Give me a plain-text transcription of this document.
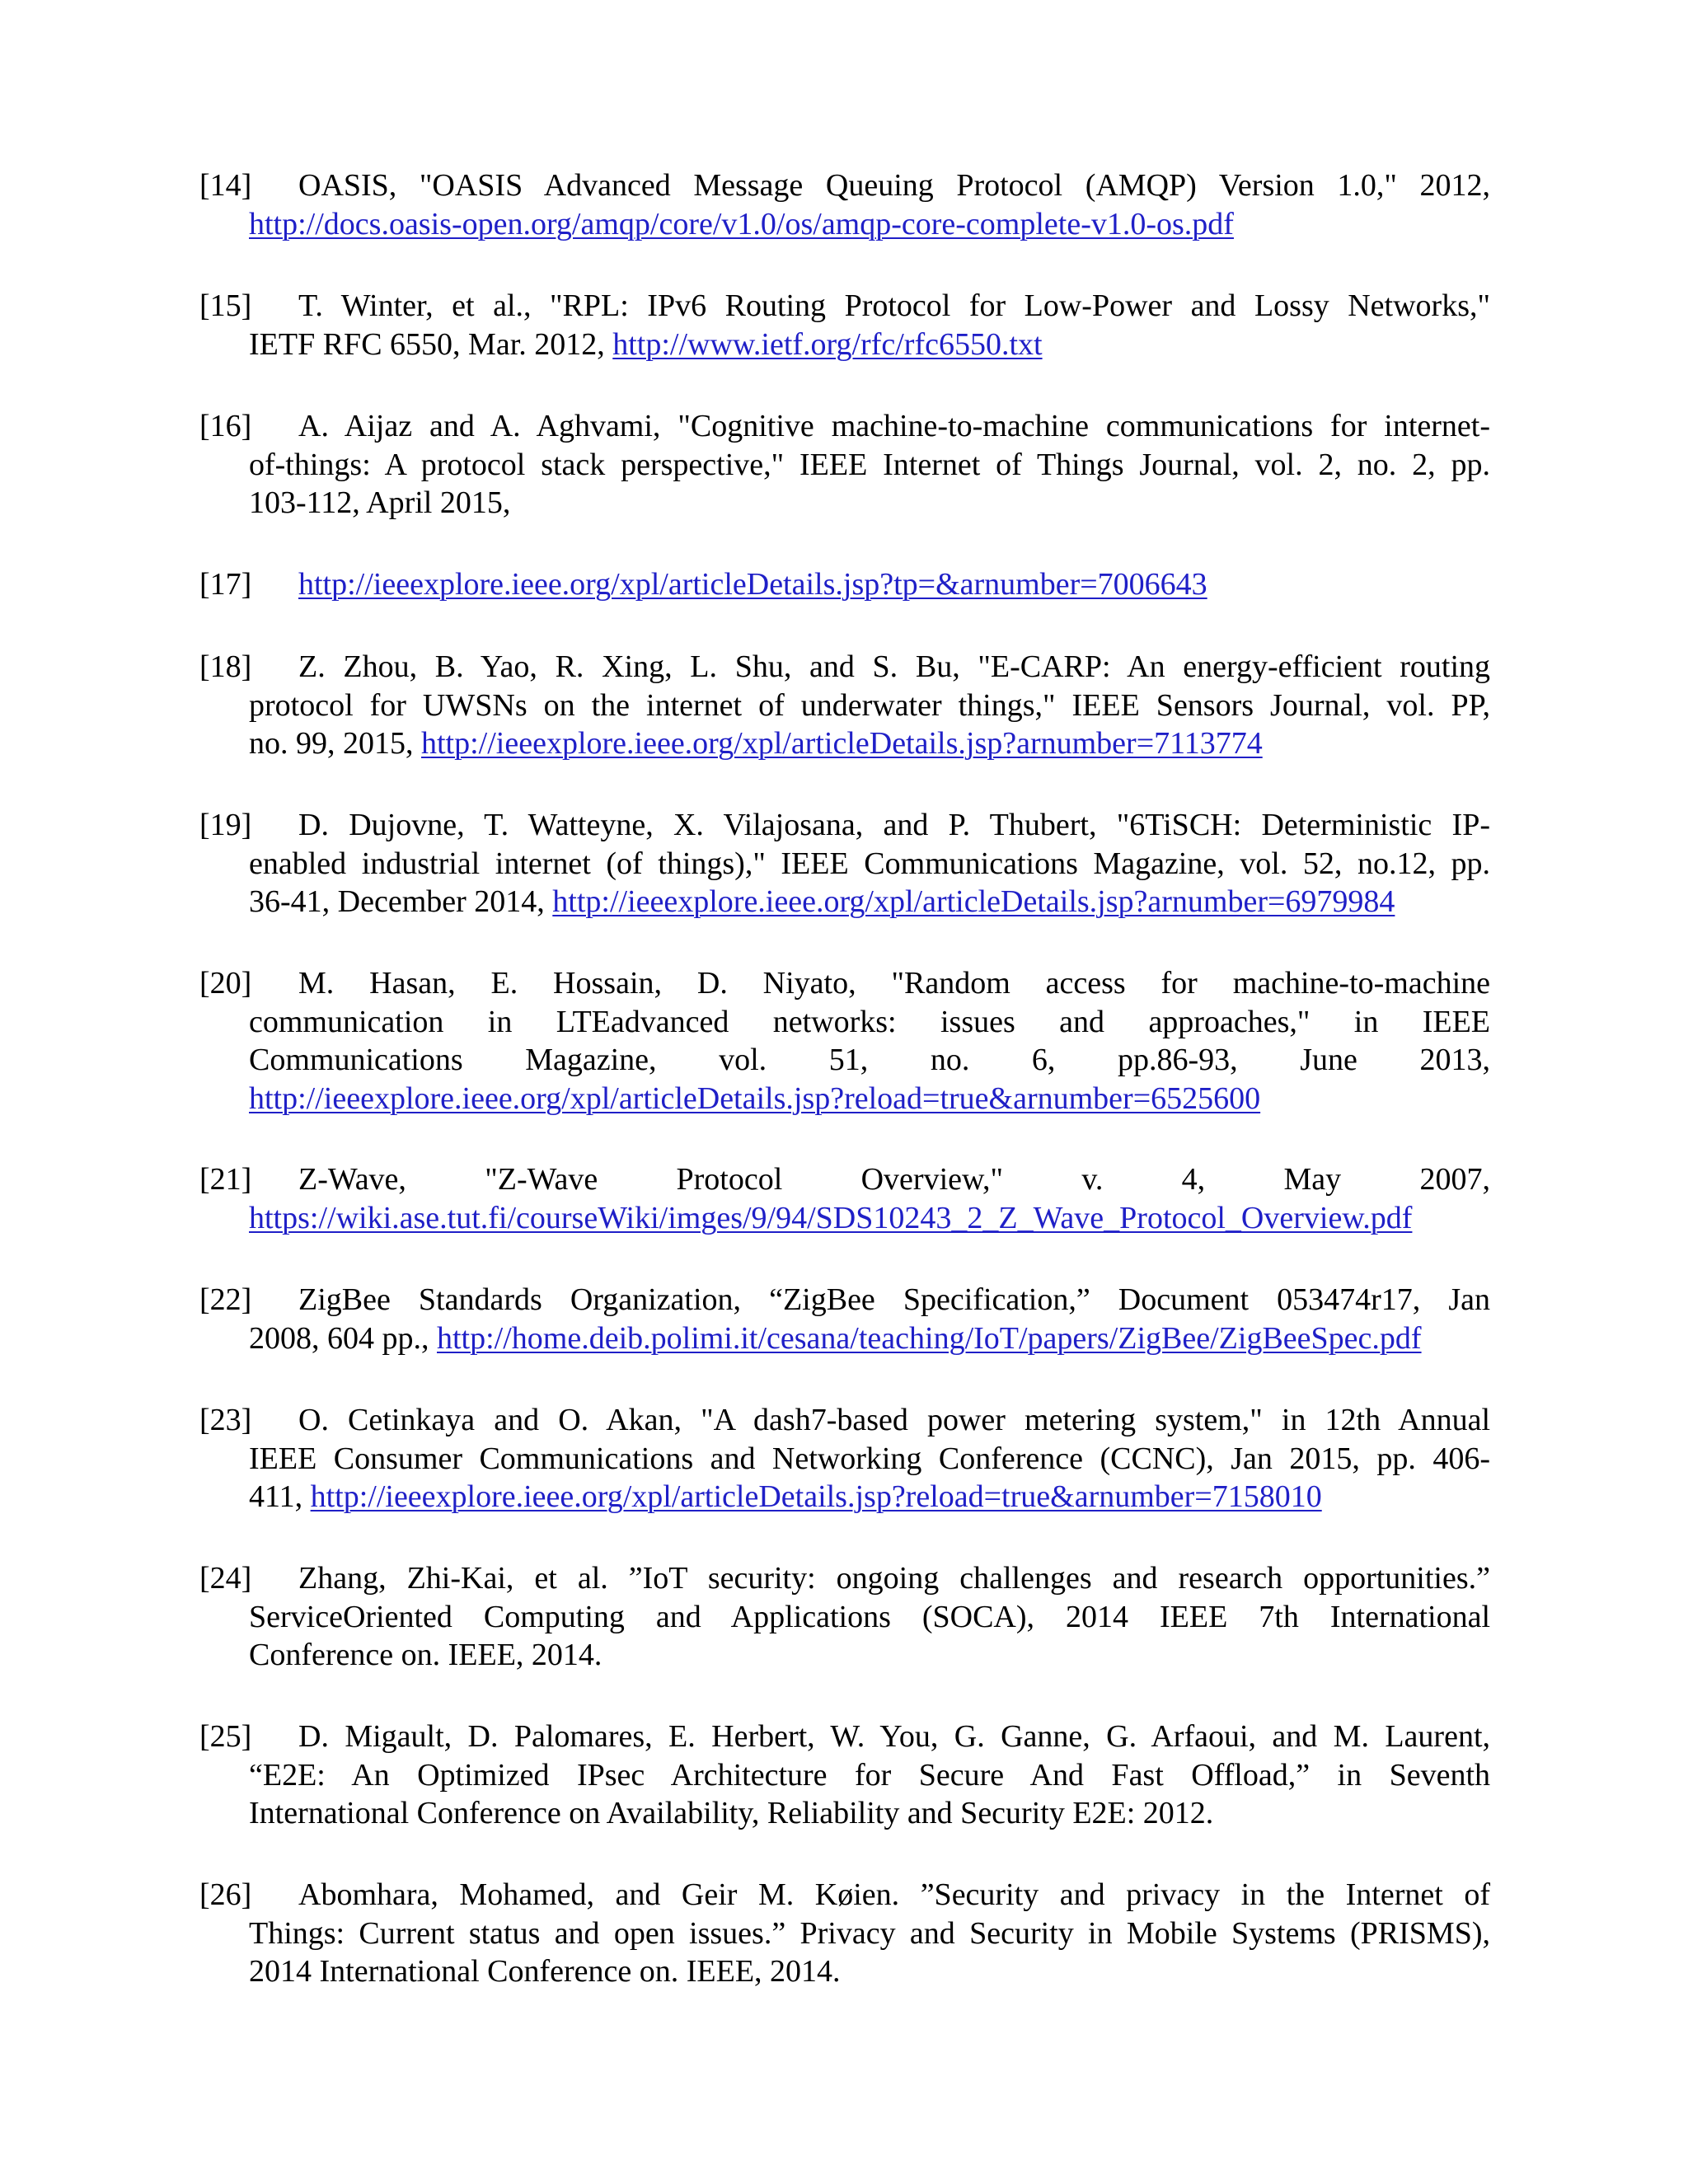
[14] OASIS, "OASIS Advanced Message Queuing Protocol (AMQP) Version 1.0," 2012,
http://docs.oasis-open.org/amqp/core/v1.0/os/amqp-core-complete-v1.0-os.pdf
[15] T. Winter, et al., "RPL: IPv6 Routing Protocol for Low-Power and Lossy Networks,"
IETF RFC 6550, Mar. 2012, http://www.ietf.org/rfc/rfc6550.txt
[16] A. Aijaz and A. Aghvami, "Cognitive machine-to-machine communications for internet-
of-things: A protocol stack perspective," IEEE Internet of Things Journal, vol. 2, no. 2, pp.
103-112, April 2015,
[17] http://ieeexplore.ieee.org/xpl/articleDetails.jsp?tp=&arnumber=7006643
[18] Z. Zhou, B. Yao, R. Xing, L. Shu, and S. Bu, "E-CARP: An energy-efficient routing
protocol for UWSNs on the internet of underwater things," IEEE Sensors Journal, vol. PP,
no. 99, 2015, http://ieeexplore.ieee.org/xpl/articleDetails.jsp?arnumber=7113774
[19] D. Dujovne, T. Watteyne, X. Vilajosana, and P. Thubert, "6TiSCH: Deterministic IP-
enabled industrial internet (of things)," IEEE Communications Magazine, vol. 52, no.12, pp.
36-41, December 2014, http://ieeexplore.ieee.org/xpl/articleDetails.jsp?arnumber=6979984
[20] M. Hasan, E. Hossain, D. Niyato, "Random access for machine-to-machine
communication in LTEadvanced networks: issues and approaches," in IEEE
Communications Magazine, vol. 51, no. 6, pp.86-93, June 2013,
http://ieeexplore.ieee.org/xpl/articleDetails.jsp?reload=true&arnumber=6525600
[21] Z-Wave, "Z-Wave Protocol Overview," v. 4, May 2007,
https://wiki.ase.tut.fi/courseWiki/imges/9/94/SDS10243_2_Z_Wave_Protocol_Overview.pdf
[22] ZigBee Standards Organization, “ZigBee Specification,” Document 053474r17, Jan
2008, 604 pp., http://home.deib.polimi.it/cesana/teaching/IoT/papers/ZigBee/ZigBeeSpec.pdf
[23] O. Cetinkaya and O. Akan, "A dash7-based power metering system," in 12th Annual
IEEE Consumer Communications and Networking Conference (CCNC), Jan 2015, pp. 406-
411, http://ieeexplore.ieee.org/xpl/articleDetails.jsp?reload=true&arnumber=7158010
[24] Zhang, Zhi-Kai, et al. ”IoT security: ongoing challenges and research opportunities.”
ServiceOriented Computing and Applications (SOCA), 2014 IEEE 7th International
Conference on. IEEE, 2014.
[25] D. Migault, D. Palomares, E. Herbert, W. You, G. Ganne, G. Arfaoui, and M. Laurent,
“E2E: An Optimized IPsec Architecture for Secure And Fast Offload,” in Seventh
International Conference on Availability, Reliability and Security E2E: 2012.
[26] Abomhara, Mohamed, and Geir M. Køien. ”Security and privacy in the Internet of
Things: Current status and open issues.” Privacy and Security in Mobile Systems (PRISMS),
2014 International Conference on. IEEE, 2014.
